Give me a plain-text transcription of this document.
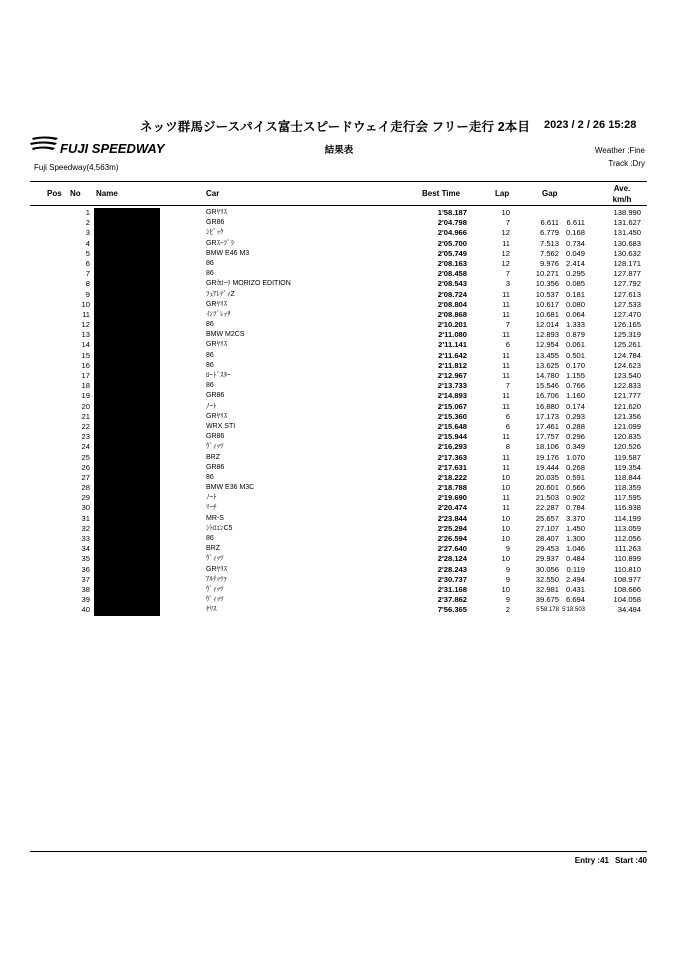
ネッツ群馬ジースパイス富士スピードウェイ走行会 フリー走行 2本目 2023 / 2 / 26 15:28
FUJI SPEEDWAY	結果表	Weather :Fine
Track :Dry
Fuji Speedway(4,563m)
Pos No Name	Car	Best Time	Lap	Gap
Ave.
km/h
1	GRﾔﾘｽ	1'58.187	10	138.990
2	GR86	2'04.798	7	6.611 6.611	131.627
3	ｼﾋﾞｯｸ	2'04.966	12	6.779 0.168	131.450
4	GRｽｰﾌﾟﾗ	2'05.700	11	7.513 0.734	130.683
5	BMW E46 M3	2'05.749	12	7.562 0.049	130.632
6	86	2'08.163	12	9.976 2.414	128.171
7	86	2'08.458	7	10.271 0.295	127.877
8	GRｶﾛｰﾗ MORIZO EDITION	2'08.543	3	10.356 0.085	127.792
9	ﾌｪｱﾚﾃﾞｨZ	2'08.724	11	10.537 0.181	127.613
10	GRﾔﾘｽ	2'08.804	11	10.617 0.080	127.533
11	ｲﾝﾌﾟﾚｯｻ	2'08.868	11	10.681 0.064	127.470
12	86	2'10.201	7	12.014 1.333	126.165
13	BMW M2CS	2'11.080	11	12.893 0.879	125.319
14	GRﾔﾘｽ	2'11.141	6	12.954 0.061	125.261
15	86	2'11.642	11	13.455 0.501	124.784
16	86	2'11.812	11	13.625 0.170	124.623
17	ﾛｰﾄﾞｽﾀｰ	2'12.967	11	14.780 1.155	123.540
18	86	2'13.733	7	15.546 0.766	122.833
19	GR86	2'14.893	11	16.706 1.160	121.777
20	ﾉｰﾄ	2'15.067	11	16.880 0.174	121.620
21	GRﾔﾘｽ	2'15.360	6	17.173 0.293	121.356
22	WRX STI	2'15.648	6	17.461 0.288	121.099
23	GR86	2'15.944	11	17.757 0.296	120.835
24	ｳﾞｨｯﾂ	2'16.293	8	18.106 0.349	120.526
25	BRZ	2'17.363	11	19.176 1.070	119.587
26	GR86	2'17.631	11	19.444 0.268	119.354
27	86	2'18.222	10	20.035 0.591	118.844
28	BMW E36 M3C	2'18.788	10	20.601 0.566	118.359
29	ﾉｰﾄ	2'19.690	11	21.503 0.902	117.595
30	ﾏｰﾁ	2'20.474	11	22.287 0.784	116.938
31	MR-S	2'23.844	10	25.657 3.370	114.199
32	ｼﾄﾛｴﾝC5	2'25.294	10	27.107 1.450	113.059
33	86	2'26.594	10	28.407 1.300	112.056
34	BRZ	2'27.640	9	29.453 1.046	111.263
35	ｳﾞｨｯﾂ	2'28.124	10	29.937 0.484	110.899
36	GRﾔﾘｽ	2'28.243	9	30.056 0.119	110.810
37	ｱﾙﾃｯﾂｧ	2'30.737	9	32.550 2.494	108.977
38	ｳﾞｨｯﾂ	2'31.168	10	32.981 0.431	108.666
39	ｳﾞｨｯﾂ	2'37.862	9	39.675 6.694	104.058
40	ﾔﾘｽ	7'56.365	2	5'58.178 5'18.503	34.484
Entry :41 Start :40
